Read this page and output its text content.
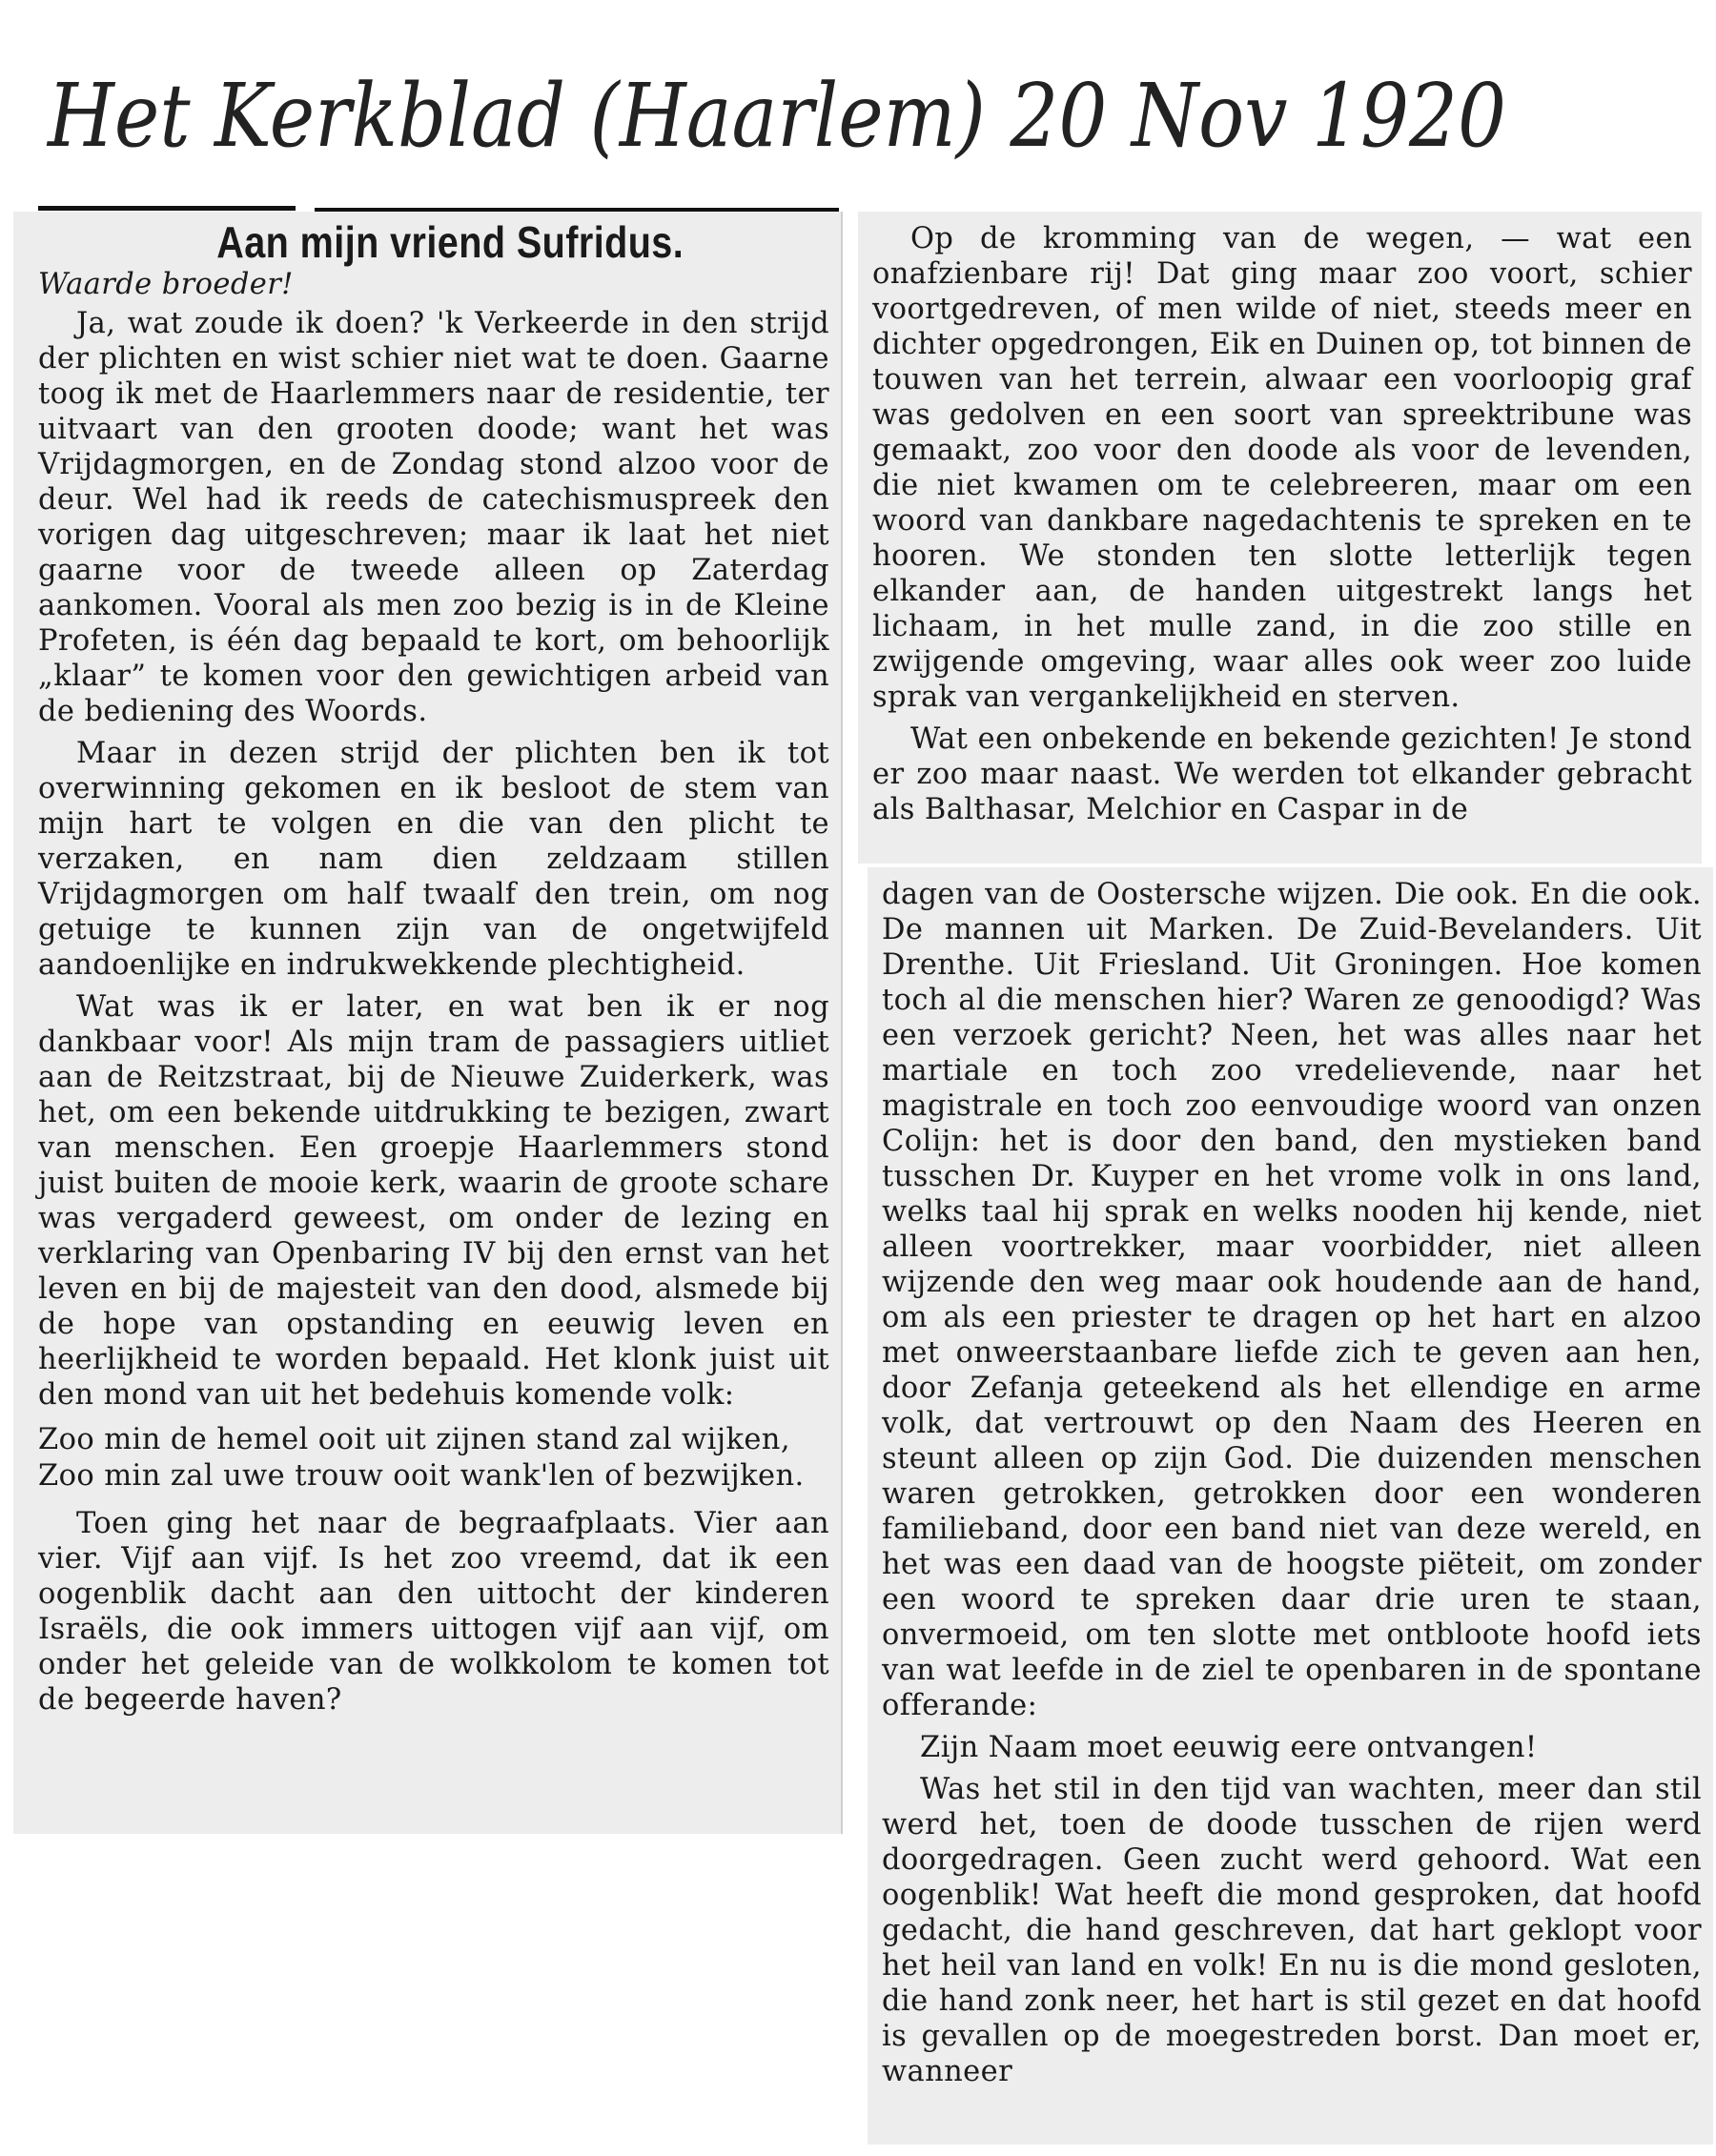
Het Kerkblad (Haarlem) 20 Nov 1920

Aan mijn vriend Sufridus.

Waarde broeder!

Ja, wat zoude ik doen? 'k Verkeerde in den strijd der plichten en wist schier niet wat te doen. Gaarne toog ik met de Haarlemmers naar de residentie, ter uitvaart van den grooten doode; want het was Vrijdagmorgen, en de Zondag stond alzoo voor de deur. Wel had ik reeds de catechismuspreek den vorigen dag uitgeschreven; maar ik laat het niet gaarne voor de tweede alleen op Zaterdag aankomen. Vooral als men zoo bezig is in de Kleine Profeten, is één dag bepaald te kort, om behoorlijk „klaar” te komen voor den gewichtigen arbeid van de bediening des Woords.

Maar in dezen strijd der plichten ben ik tot overwinning gekomen en ik besloot de stem van mijn hart te volgen en die van den plicht te verzaken, en nam dien zeldzaam stillen Vrijdagmorgen om half twaalf den trein, om nog getuige te kunnen zijn van de ongetwijfeld aandoenlijke en indrukwekkende plechtigheid.

Wat was ik er later, en wat ben ik er nog dankbaar voor! Als mijn tram de passagiers uitliet aan de Reitzstraat, bij de Nieuwe Zuiderkerk, was het, om een bekende uitdrukking te bezigen, zwart van menschen. Een groepje Haarlemmers stond juist buiten de mooie kerk, waarin de groote schare was vergaderd geweest, om onder de lezing en verklaring van Openbaring IV bij den ernst van het leven en bij de majesteit van den dood, alsmede bij de hope van opstanding en eeuwig leven en heerlijkheid te worden bepaald. Het klonk juist uit den mond van uit het bedehuis komende volk:

Zoo min de hemel ooit uit zijnen stand zal wijken,
Zoo min zal uwe trouw ooit wank'len of bezwijken.

Toen ging het naar de begraafplaats. Vier aan vier. Vijf aan vijf. Is het zoo vreemd, dat ik een oogenblik dacht aan den uittocht der kinderen Israëls, die ook immers uittogen vijf aan vijf, om onder het geleide van de wolkkolom te komen tot de begeerde haven?

Op de kromming van de wegen, — wat een onafzienbare rij! Dat ging maar zoo voort, schier voortgedreven, of men wilde of niet, steeds meer en dichter opgedrongen, Eik en Duinen op, tot binnen de touwen van het terrein, alwaar een voorloopig graf was gedolven en een soort van spreektribune was gemaakt, zoo voor den doode als voor de levenden, die niet kwamen om te celebreeren, maar om een woord van dankbare nagedachtenis te spreken en te hooren. We stonden ten slotte letterlijk tegen elkander aan, de handen uitgestrekt langs het lichaam, in het mulle zand, in die zoo stille en zwijgende omgeving, waar alles ook weer zoo luide sprak van vergankelijkheid en sterven.

Wat een onbekende en bekende gezichten! Je stond er zoo maar naast. We werden tot elkander gebracht als Balthasar, Melchior en Caspar in de

dagen van de Oostersche wijzen. Die ook. En die ook. De mannen uit Marken. De Zuid-Bevelanders. Uit Drenthe. Uit Friesland. Uit Groningen. Hoe komen toch al die menschen hier? Waren ze genoodigd? Was een verzoek gericht? Neen, het was alles naar het martiale en toch zoo vredelievende, naar het magistrale en toch zoo eenvoudige woord van onzen Colijn: het is door den band, den mystieken band tusschen Dr. Kuyper en het vrome volk in ons land, welks taal hij sprak en welks nooden hij kende, niet alleen voortrekker, maar voorbidder, niet alleen wijzende den weg maar ook houdende aan de hand, om als een priester te dragen op het hart en alzoo met onweerstaanbare liefde zich te geven aan hen, door Zefanja geteekend als het ellendige en arme volk, dat vertrouwt op den Naam des Heeren en steunt alleen op zijn God. Die duizenden menschen waren getrokken, getrokken door een wonderen familieband, door een band niet van deze wereld, en het was een daad van de hoogste piëteit, om zonder een woord te spreken daar drie uren te staan, onvermoeid, om ten slotte met ontbloote hoofd iets van wat leefde in de ziel te openbaren in de spontane offerande:

Zijn Naam moet eeuwig eere ontvangen!

Was het stil in den tijd van wachten, meer dan stil werd het, toen de doode tusschen de rijen werd doorgedragen. Geen zucht werd gehoord. Wat een oogenblik! Wat heeft die mond gesproken, dat hoofd gedacht, die hand geschreven, dat hart geklopt voor het heil van land en volk! En nu is die mond gesloten, die hand zonk neer, het hart is stil gezet en dat hoofd is gevallen op de moegestreden borst. Dan moet er, wanneer
